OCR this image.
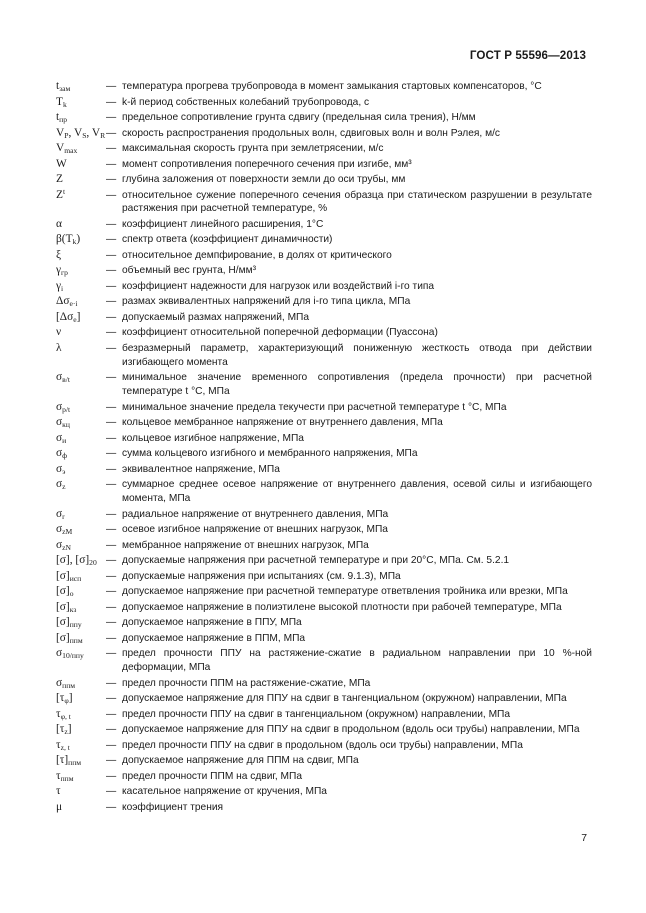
ГОСТ Р 55596—2013
tзам	— температура прогрева трубопровода в момент замыкания стартовых компенсаторов, °С
Tk	— k-й период собственных колебаний трубопровода, с
tпр	— предельное сопротивление грунта сдвигу (предельная сила трения), Н/мм
VP, VS, VR — скорость распространения продольных волн, сдвиговых волн и волн Рэлея, м/с
Vmax	— максимальная скорость грунта при землетрясении, м/с
W	— момент сопротивления поперечного сечения при изгибе, мм³
Z	— глубина заложения от поверхности земли до оси трубы, мм
$Z^t$	— относительное сужение поперечного сечения образца при статическом разрушении в результате растяжения при расчетной температуре, %
α	— коэффициент линейного расширения, 1°С
β(Tk)	— спектр ответа (коэффициент динамичности)
ξ	— относительное демпфирование, в долях от критического
γгр	— объемный вес грунта, Н/мм³
γi	— коэффициент надежности для нагрузок или воздействий i-го типа
Δσe·i	— размах эквивалентных напряжений для i-го типа цикла, МПа
[Δσe]	— допускаемый размах напряжений, МПа
ν	— коэффициент относительной поперечной деформации (Пуассона)
λ	— безразмерный параметр, характеризующий пониженную жесткость отвода при действии изгибающего момента
σв/t	— минимальное значение временного сопротивления (предела прочности) при расчетной температуре t °С, МПа
σp/t	— минимальное значение предела текучести при расчетной температуре t °С, МПа
σкц	— кольцевое мембранное напряжение от внутреннего давления, МПа
σи	— кольцевое изгибное напряжение, МПа
σф	— сумма кольцевого изгибного и мембранного напряжения, МПа
σэ	— эквивалентное напряжение, МПа
σz	— суммарное среднее осевое напряжение от внутреннего давления, осевой силы и изгибающего момента, МПа
σr	— радиальное напряжение от внутреннего давления, МПа
σzM	— осевое изгибное напряжение от внешних нагрузок, МПа
σzN	— мембранное напряжение от внешних нагрузок, МПа
[σ], [σ]20 — допускаемые напряжения при расчетной температуре и при 20°С, МПа. См. 5.2.1
[σ]исп	— допускаемые напряжения при испытаниях (см. 9.1.3), МПа
[σ]о	— допускаемое напряжение при расчетной температуре ответвления тройника или врезки, МПа
[σ]кз	— допускаемое напряжение в полиэтилене высокой плотности при рабочей температуре, МПа
[σ]ппу	— допускаемое напряжение в ППУ, МПа
[σ]ппм	— допускаемое напряжение в ППМ, МПа
σ10/ппу	— предел прочности ППУ на растяжение-сжатие в радиальном направлении при 10 %-ной деформации, МПа
σппм	— предел прочности ППМ на растяжение-сжатие, МПа
[τφ]	— допускаемое напряжение для ППУ на сдвиг в тангенциальном (окружном) направлении, МПа
τφ, t	— предел прочности ППУ на сдвиг в тангенциальном (окружном) направлении, МПа
[τz]	— допускаемое напряжение для ППУ на сдвиг в продольном (вдоль оси трубы) направлении, МПа
τz, t	— предел прочности ППУ на сдвиг в продольном (вдоль оси трубы) направлении, МПа
[τ]ппм	— допускаемое напряжение для ППМ на сдвиг, МПа
τппм	— предел прочности ППМ на сдвиг, МПа
τ	— касательное напряжение от кручения, МПа
μ	— коэффициент трения
7
